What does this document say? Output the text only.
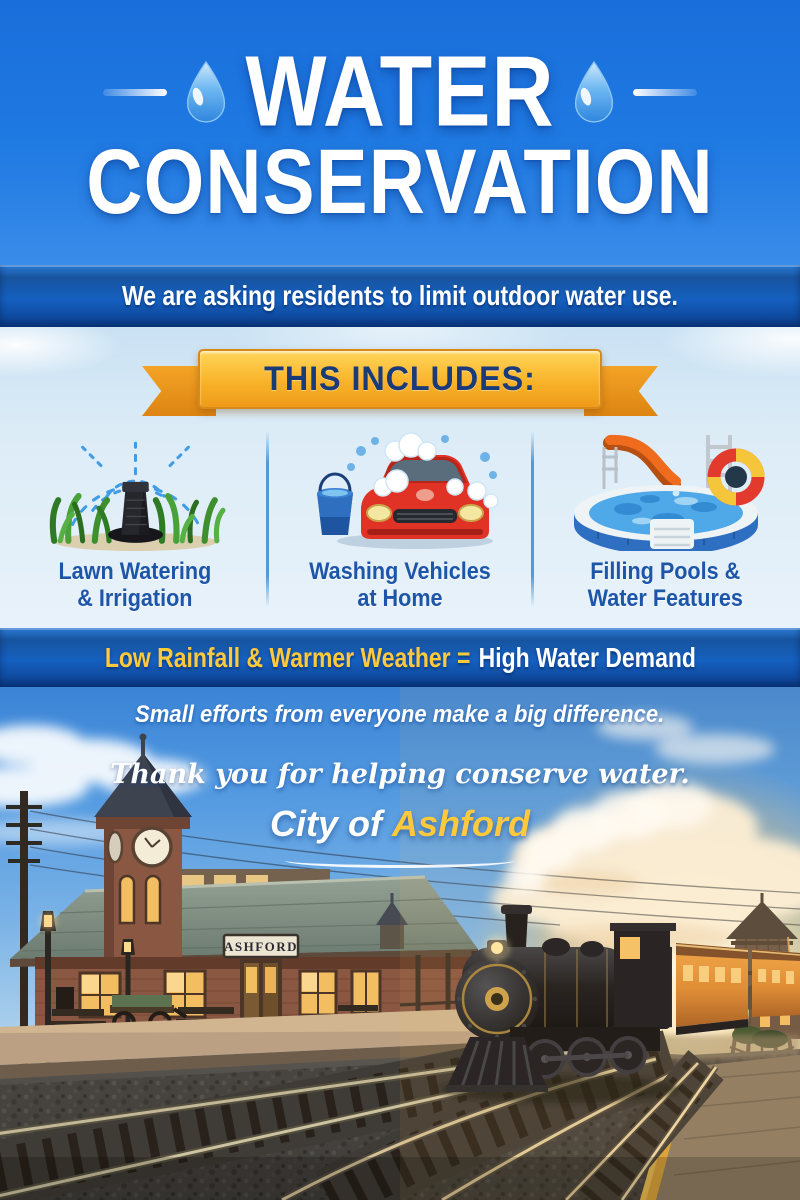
WATER
CONSERVATION
We are asking residents to limit outdoor water use.
THIS INCLUDES:
Lawn Watering
& Irrigation
Washing Vehicles
at Home
Filling Pools &
Water Features
Low Rainfall & Warmer Weather = High Water Demand
ASHFORD
Small efforts from everyone make a big difference.
Thank you for helping conserve water.
City of Ashford
